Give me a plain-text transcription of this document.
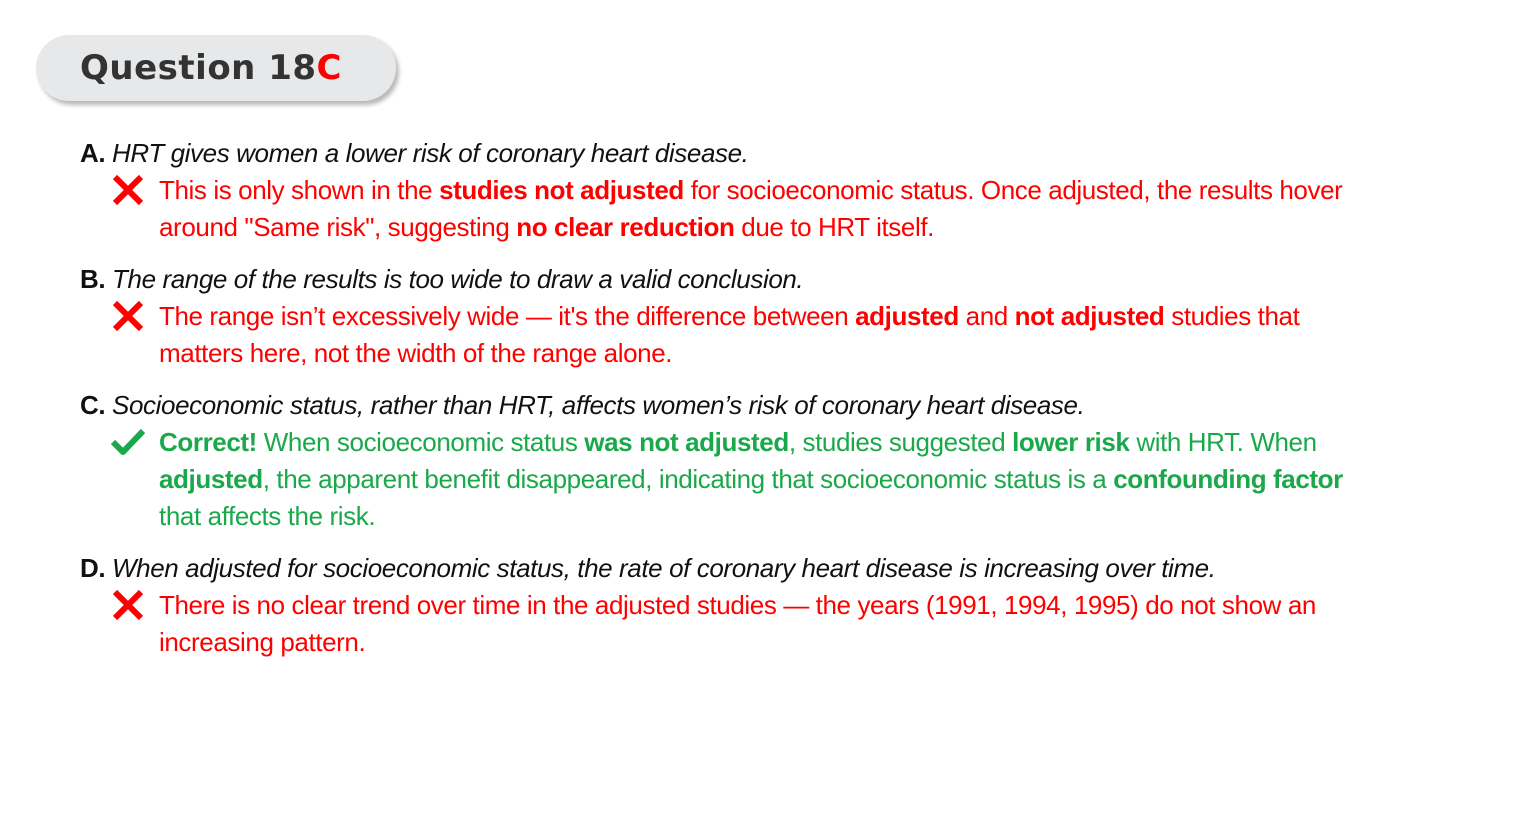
Question 18 C
A. HRT gives women a lower risk of coronary heart disease.
This is only shown in the studies not adjusted for socioeconomic status. Once adjusted, the results hover around "Same risk", suggesting no clear reduction due to HRT itself.
B. The range of the results is too wide to draw a valid conclusion.
The range isn’t excessively wide — it's the difference between adjusted and not adjusted studies that matters here, not the width of the range alone.
C. Socioeconomic status, rather than HRT, affects women’s risk of coronary heart disease.
Correct! When socioeconomic status was not adjusted, studies suggested lower risk with HRT. When adjusted, the apparent benefit disappeared, indicating that socioeconomic status is a confounding factor that affects the risk.
D. When adjusted for socioeconomic status, the rate of coronary heart disease is increasing over time.
There is no clear trend over time in the adjusted studies — the years (1991, 1994, 1995) do not show an increasing pattern.
